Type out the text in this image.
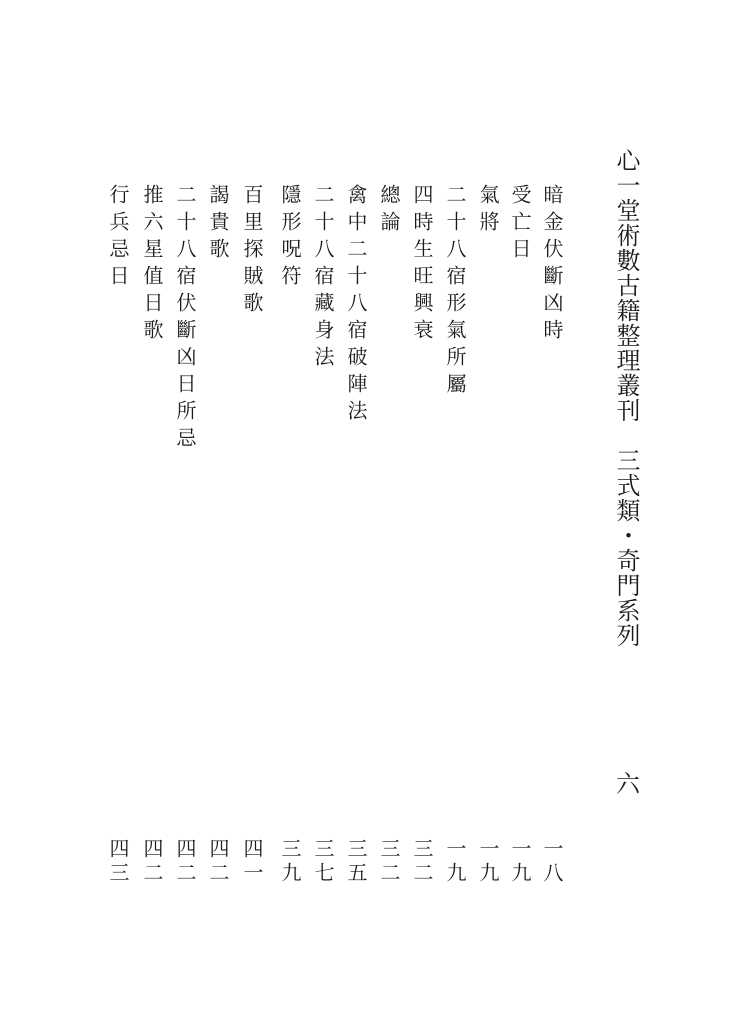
心一堂術數古籍整理叢刊　三式類・奇門系列
六
暗金伏斷凶時
一八
受亡日
一九
氣將
一九
二十八宿形氣所屬
一九
四時生旺興衰
三二
總論
三二
禽中二十八宿破陣法
三五
二十八宿藏身法
三七
隱形呪符
三九
百里探賊歌
四一
謁貴歌
四二
二十八宿伏斷凶日所忌
四二
推六星值日歌
四二
行兵忌日
四三
